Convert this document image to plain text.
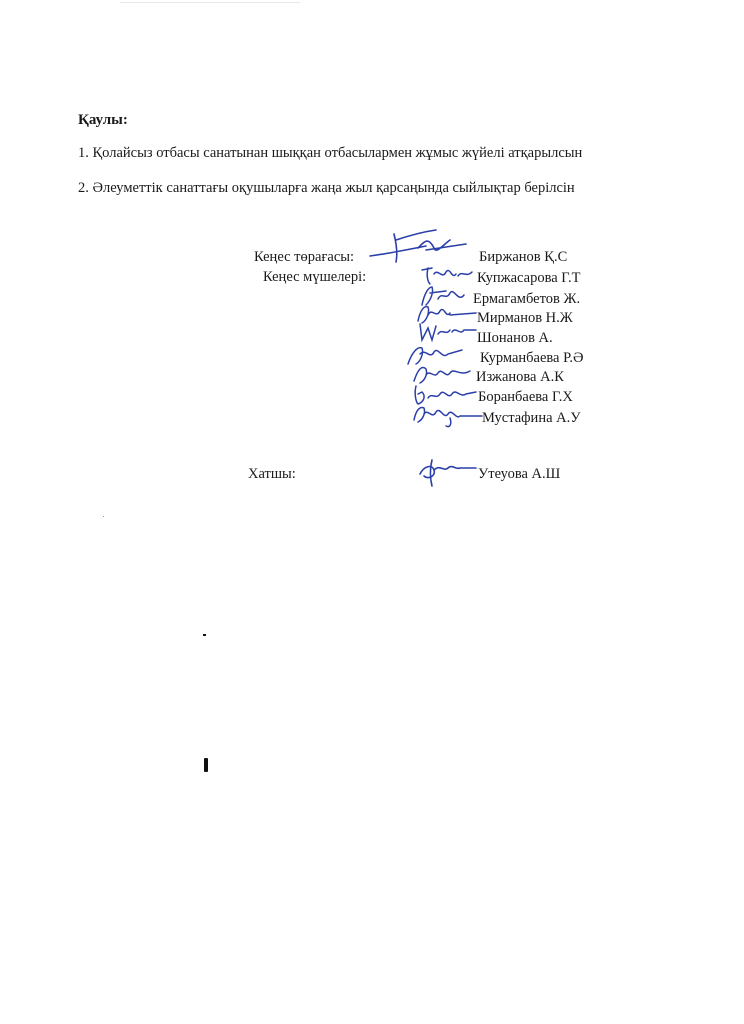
Қаулы:
1. Қолайсыз отбасы санатынан шыққан отбасылармен жұмыс жүйелі атқарылсын
2. Әлеуметтік санаттағы оқушыларға жаңа жыл қарсаңында сыйлықтар берілсін
Кеңес төрағасы:
Кеңес мүшелері:
Хатшы:
Биржанов Қ.С
Купжасарова Г.Т
Ермагамбетов Ж.
Мирманов Н.Ж
Шонанов А.
Курманбаева Р.Ә
Изжанова А.К
Боранбаева Г.Х
Мустафина А.У
Утеуова А.Ш
